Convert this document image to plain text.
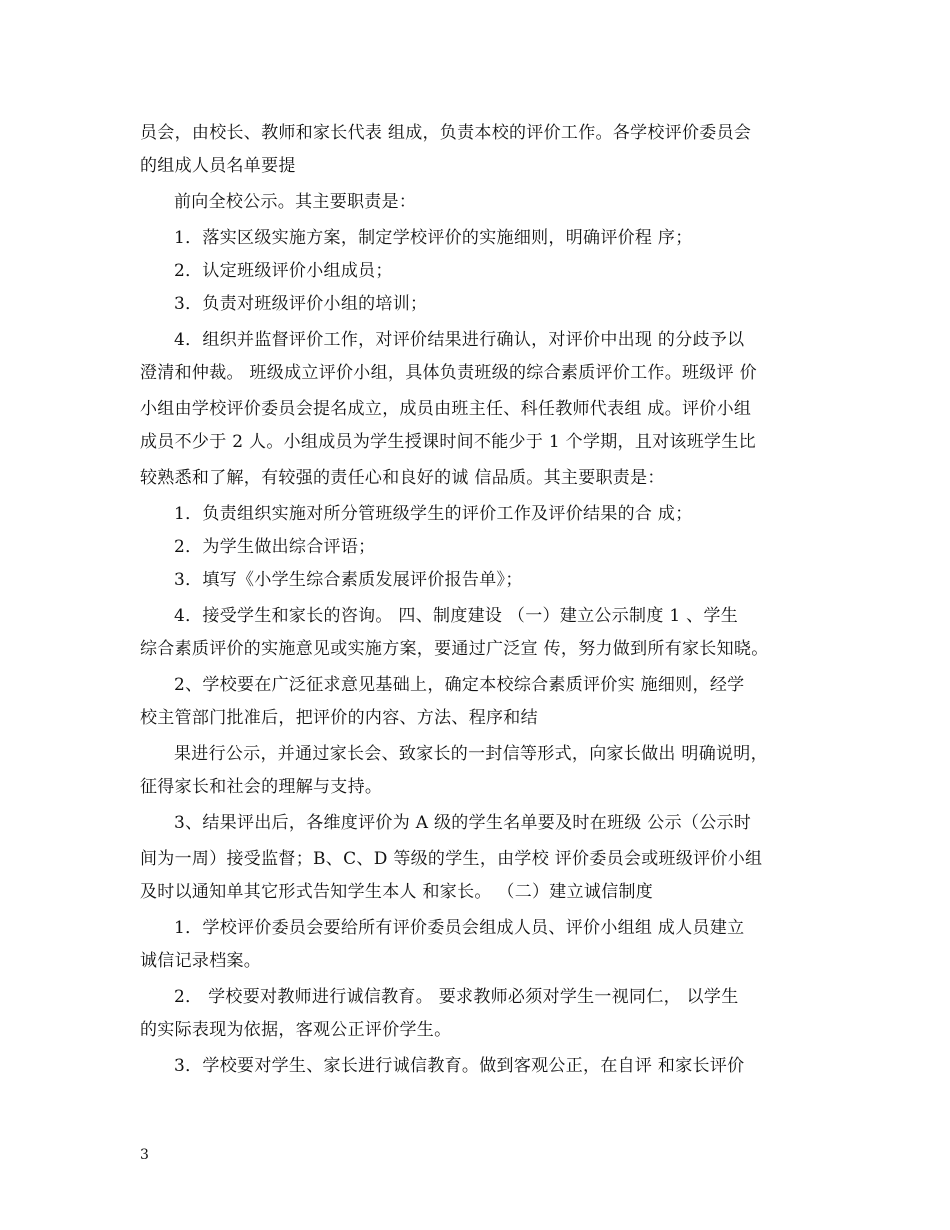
员会，由校长、教师和家长代表 组成，负责本校的评价工作。各学校评价委员会
的组成人员名单要提
前向全校公示。其主要职责是：
1．落实区级实施方案，制定学校评价的实施细则，明确评价程 序；
2．认定班级评价小组成员；
3．负责对班级评价小组的培训；
4．组织并监督评价工作，对评价结果进行确认，对评价中出现 的分歧予以
澄清和仲裁。 班级成立评价小组，具体负责班级的综合素质评价工作。班级评 价
小组由学校评价委员会提名成立，成员由班主任、科任教师代表组 成。评价小组
成员不少于 2 人。小组成员为学生授课时间不能少于 1 个学期，且对该班学生比
较熟悉和了解，有较强的责任心和良好的诚 信品质。其主要职责是：
1．负责组织实施对所分管班级学生的评价工作及评价结果的合 成；
2．为学生做出综合评语；
3．填写《小学生综合素质发展评价报告单》；
4．接受学生和家长的咨询。 四、制度建设 （一）建立公示制度 1 、学生
综合素质评价的实施意见或实施方案，要通过广泛宣 传，努力做到所有家长知晓。
2、学校要在广泛征求意见基础上，确定本校综合素质评价实 施细则，经学
校主管部门批准后，把评价的内容、方法、程序和结
果进行公示，并通过家长会、致家长的一封信等形式，向家长做出 明确说明，
征得家长和社会的理解与支持。
3、结果评出后，各维度评价为 A 级的学生名单要及时在班级 公示（公示时
间为一周）接受监督；B、C、D 等级的学生，由学校 评价委员会或班级评价小组
及时以通知单其它形式告知学生本人 和家长。 （二）建立诚信制度
1．学校评价委员会要给所有评价委员会组成人员、评价小组组 成人员建立
诚信记录档案。
2． 学校要对教师进行诚信教育。 要求教师必须对学生一视同仁， 以学生
的实际表现为依据，客观公正评价学生。
3．学校要对学生、家长进行诚信教育。做到客观公正，在自评 和家长评价
3
